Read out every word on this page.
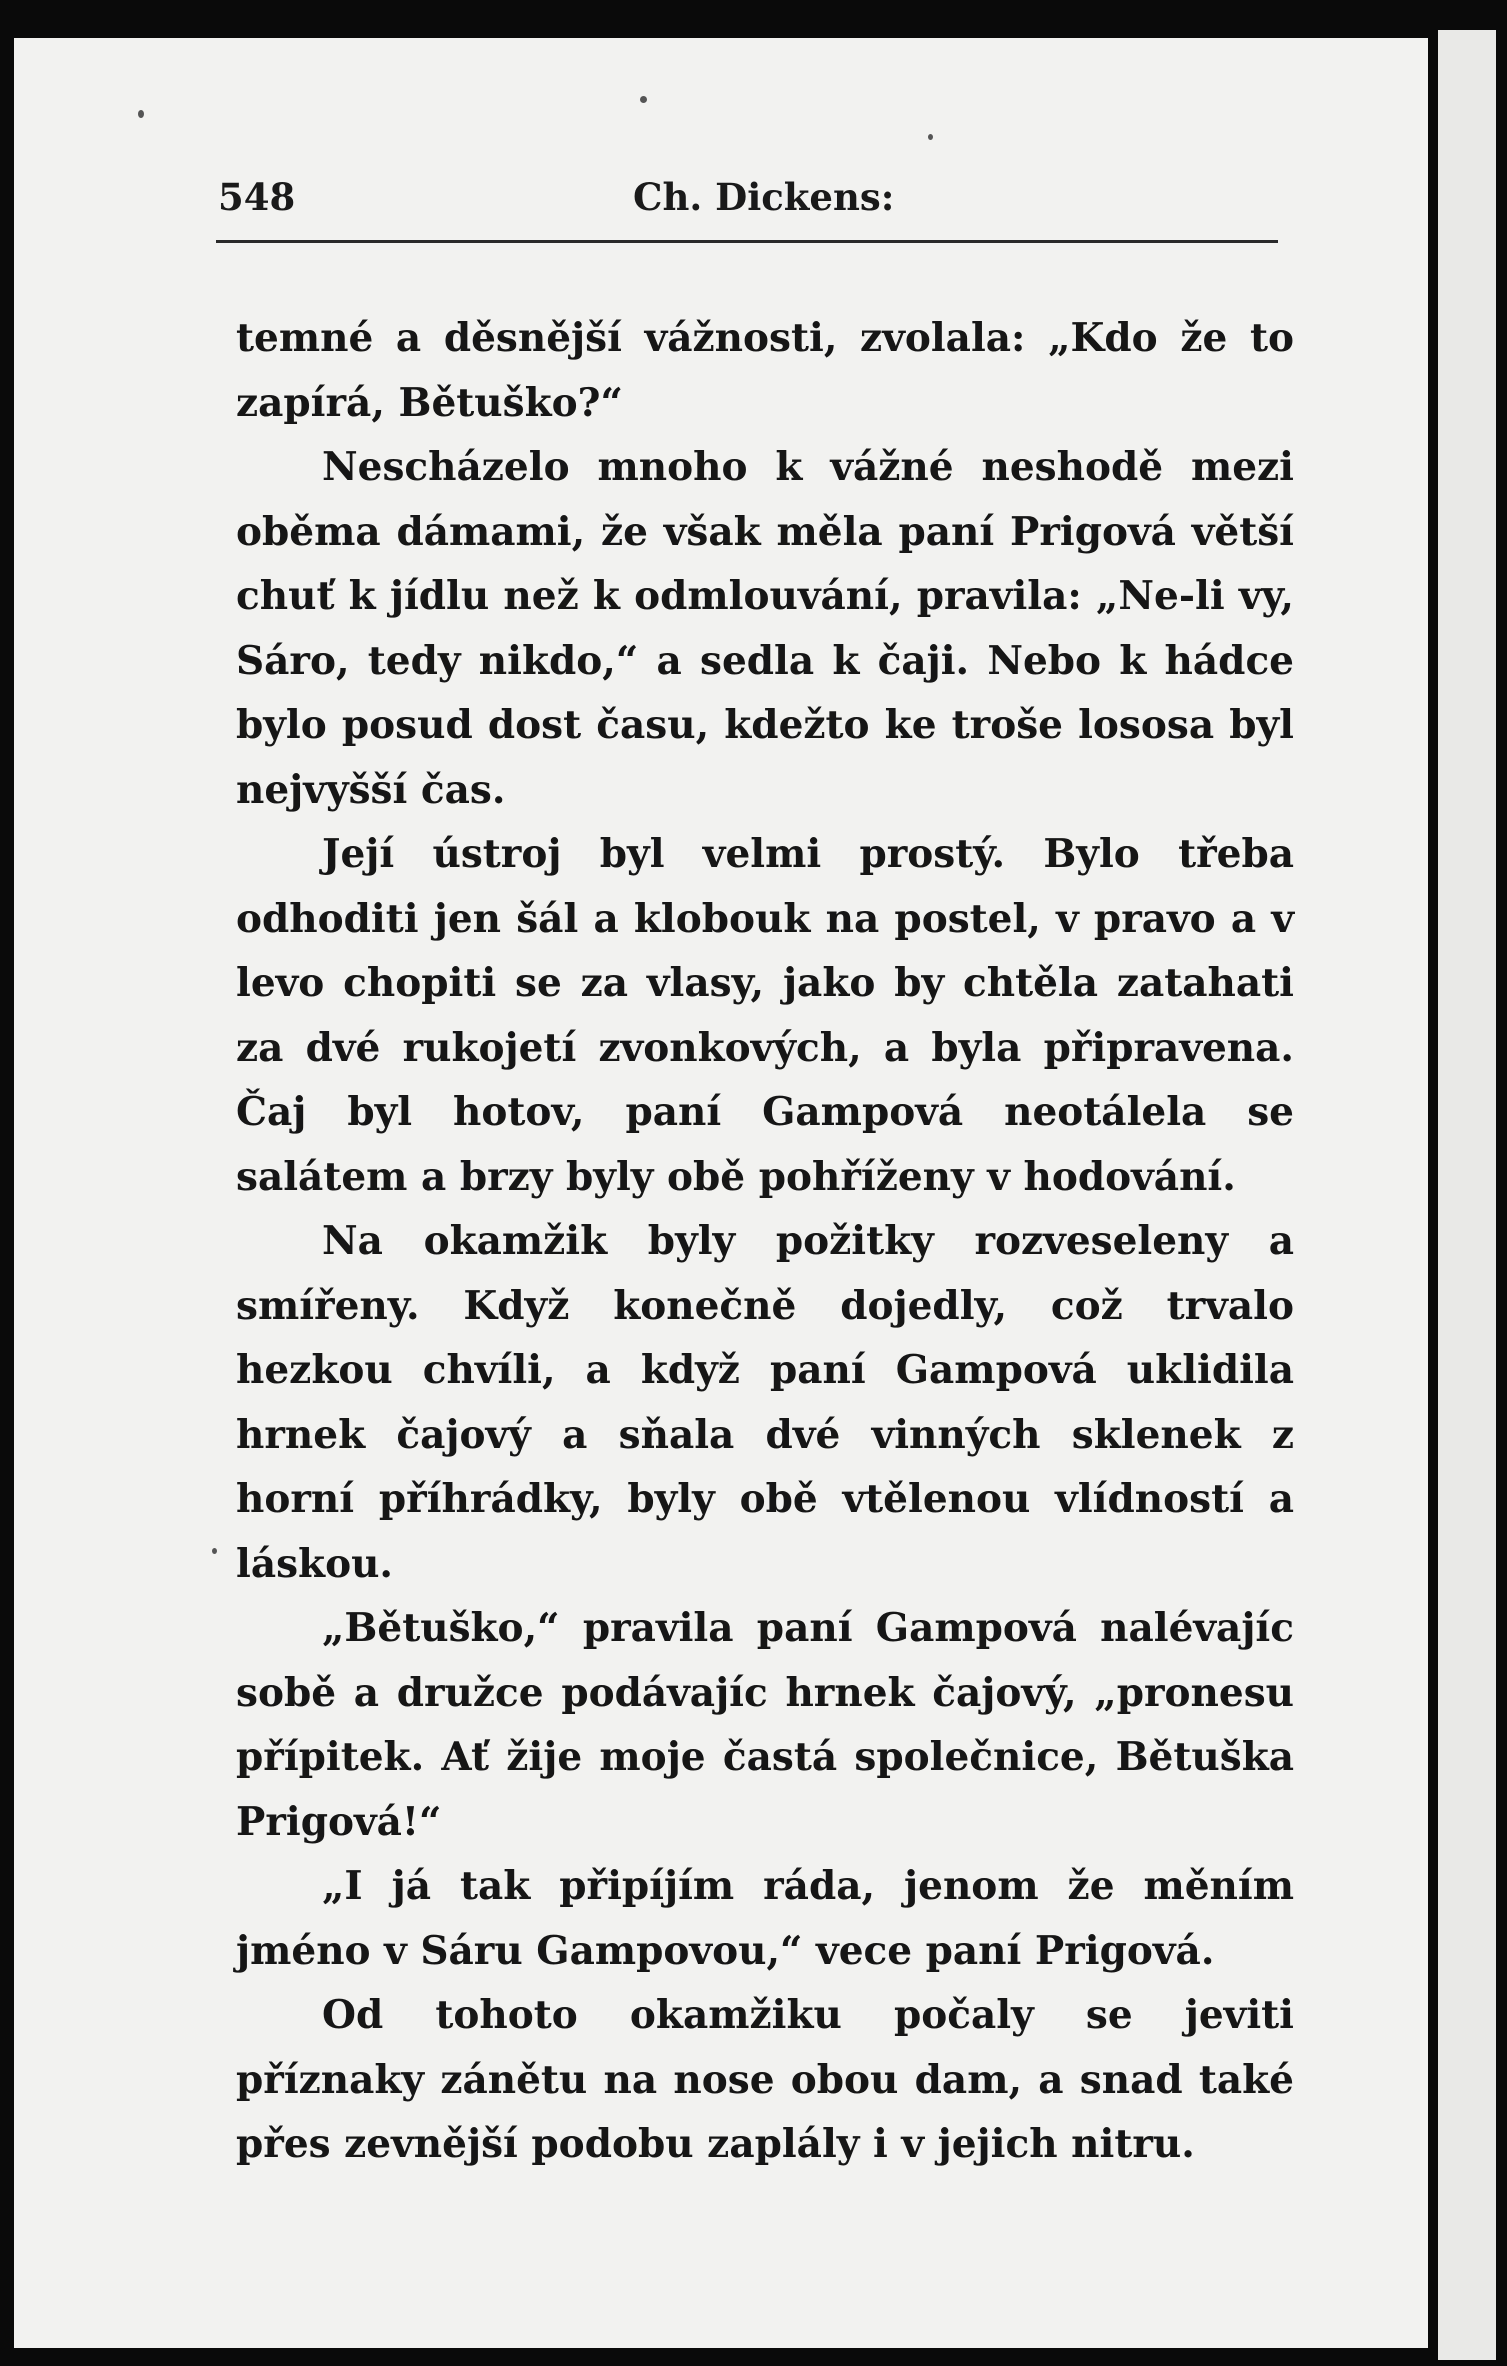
548	Ch. Dickens:

temné a děsnější vážnosti, zvolala: „Kdo že to zapírá, Bětuško?“

Nescházelo mnoho k vážné neshodě mezi oběma dámami, že však měla paní Prigová větší chuť k jídlu než k odmlouvání, pravila: „Ne-li vy, Sáro, tedy nikdo,“ a sedla k čaji. Nebo k hádce bylo posud dost času, kdežto ke troše lososa byl nejvyšší čas.

Její ústroj byl velmi prostý. Bylo třeba odhoditi jen šál a klobouk na postel, v pravo a v levo chopiti se za vlasy, jako by chtěla zatahati za dvé rukojetí zvonkových, a byla připravena. Čaj byl hotov, paní Gampová neotálela se salátem a brzy byly obě pohříženy v hodování.

Na okamžik byly požitky rozveseleny a smířeny. Když konečně dojedly, což trvalo hezkou chvíli, a když paní Gampová uklidila hrnek čajový a sňala dvé vinných sklenek z horní příhrádky, byly obě vtělenou vlídností a láskou.

„Bětuško,“ pravila paní Gampová nalévajíc sobě a družce podávajíc hrnek čajový, „pronesu přípitek. Ať žije moje častá společnice, Bětuška Prigová!“

„I já tak připíjím ráda, jenom že měním jméno v Sáru Gampovou,“ vece paní Prigová.

Od tohoto okamžiku počaly se jeviti příznaky zánětu na nose obou dam, a snad také přes zevnější podobu zaplály i v jejich nitru.
